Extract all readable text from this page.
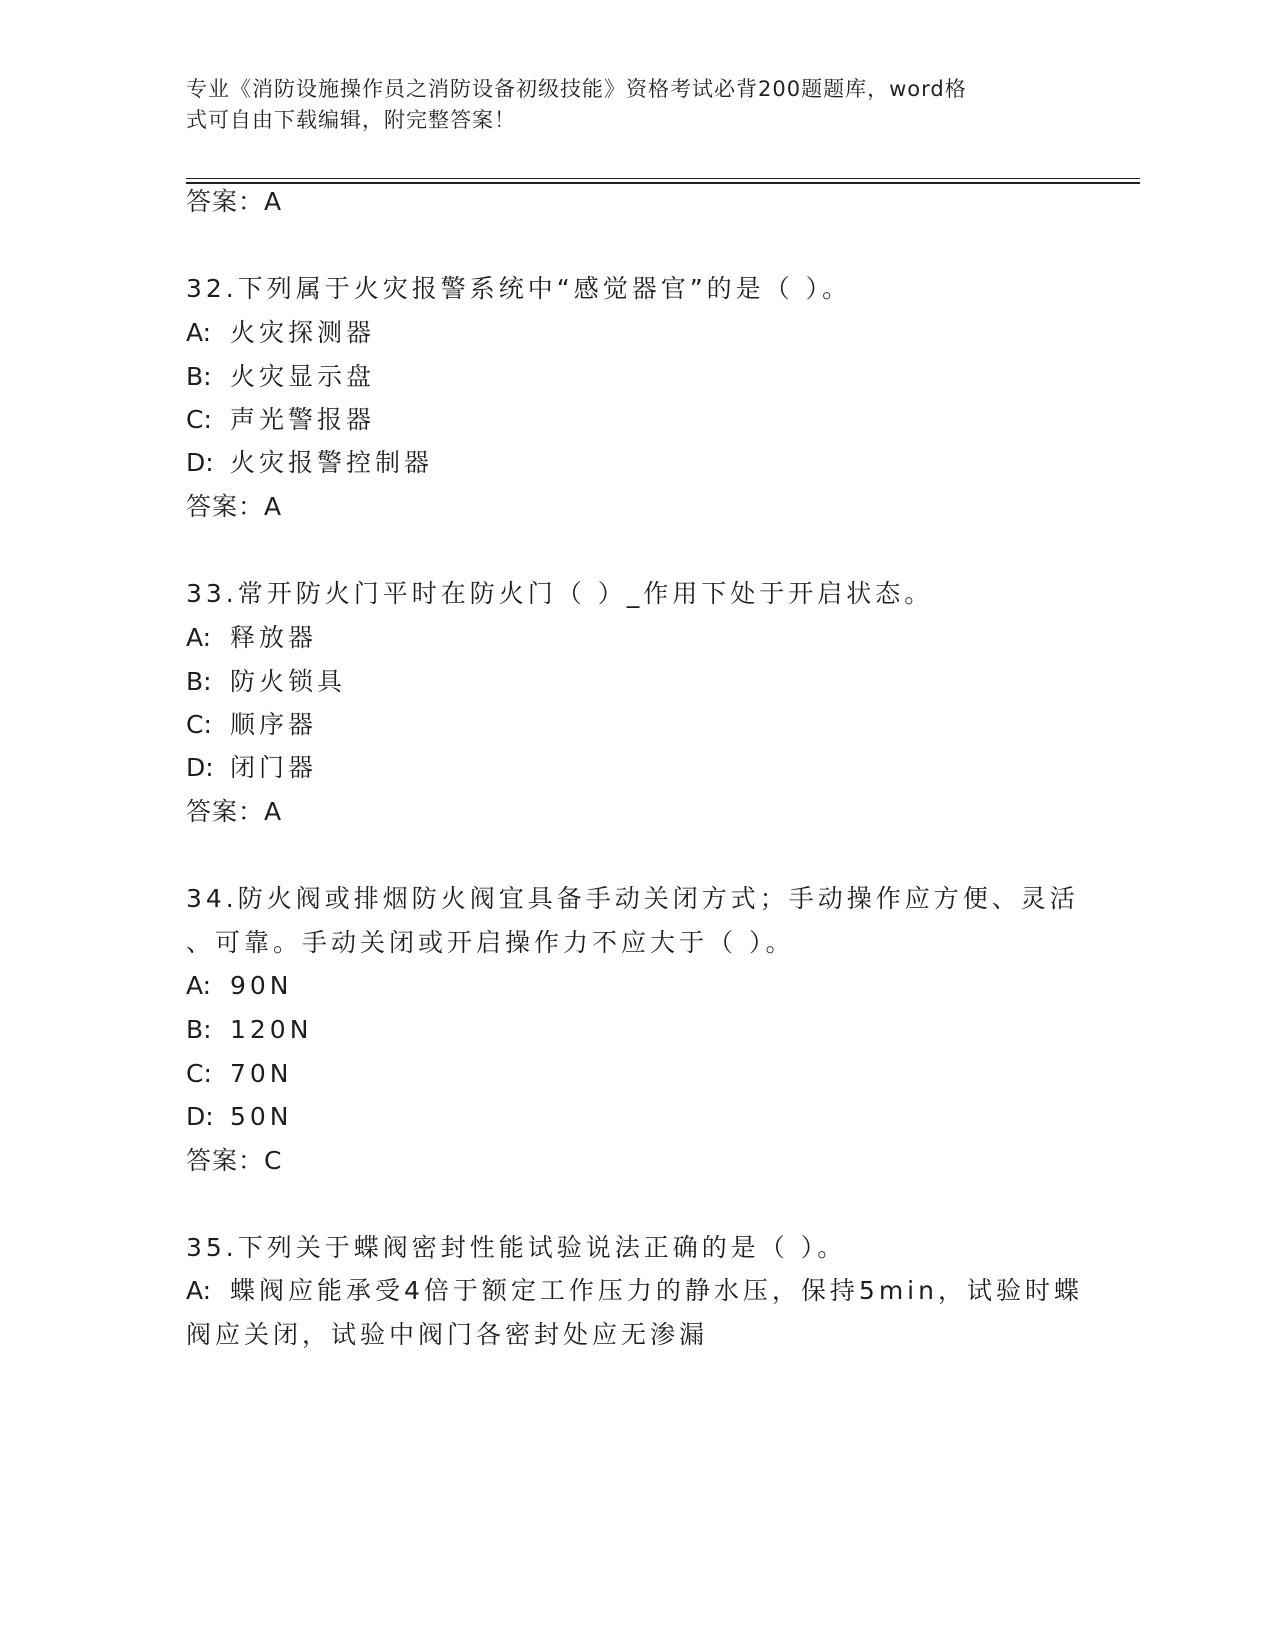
专业《消防设施操作员之消防设备初级技能》资格考试必背200题题库，word格
式可自由下载编辑，附完整答案！
答案：A
32.下列属于火灾报警系统中“感觉器官”的是（ ）。
A: 火灾探测器
B: 火灾显示盘
C: 声光警报器
D: 火灾报警控制器
答案：A
33.常开防火门平时在防火门（ ）_作用下处于开启状态。
A: 释放器
B: 防火锁具
C: 顺序器
D: 闭门器
答案：A
34.防火阀或排烟防火阀宜具备手动关闭方式；手动操作应方便、灵活
、可靠。手动关闭或开启操作力不应大于（ ）。
A: 90N
B: 120N
C: 70N
D: 50N
答案：C
35.下列关于蝶阀密封性能试验说法正确的是（ ）。
A: 蝶阀应能承受4倍于额定工作压力的静水压，保持5min，试验时蝶
阀应关闭，试验中阀门各密封处应无渗漏
